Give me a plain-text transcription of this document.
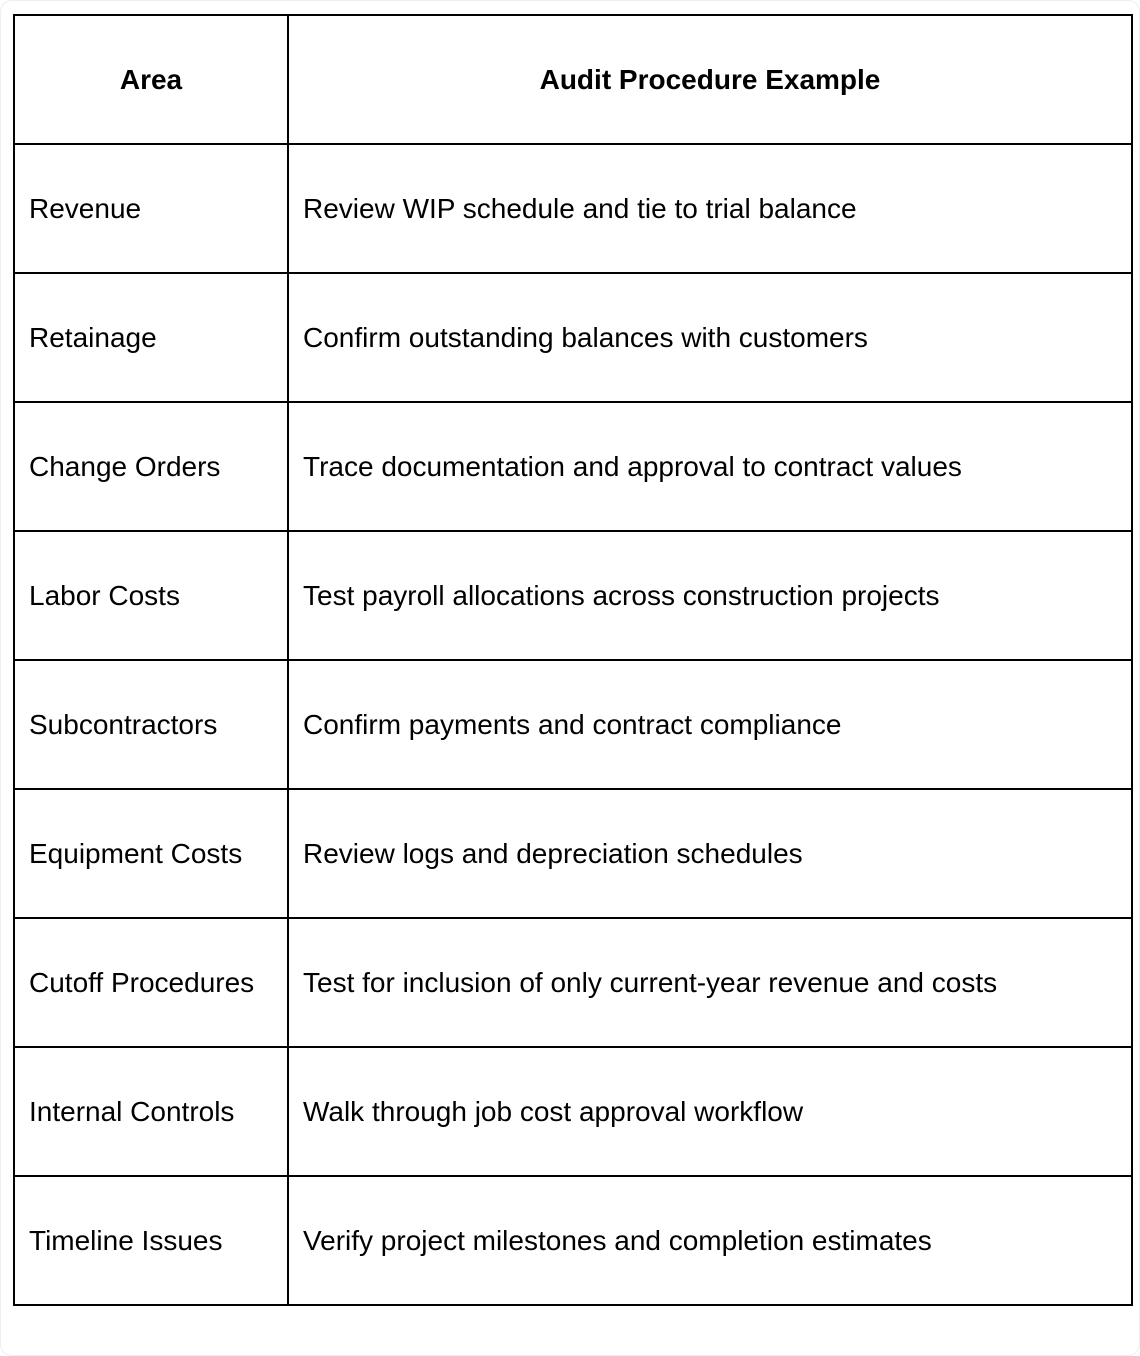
Area	Audit Procedure Example
Revenue	Review WIP schedule and tie to trial balance
Retainage	Confirm outstanding balances with customers
Change Orders	Trace documentation and approval to contract values
Labor Costs	Test payroll allocations across construction projects
Subcontractors	Confirm payments and contract compliance
Equipment Costs	Review logs and depreciation schedules
Cutoff Procedures	Test for inclusion of only current-year revenue and costs
Internal Controls	Walk through job cost approval workflow
Timeline Issues	Verify project milestones and completion estimates
